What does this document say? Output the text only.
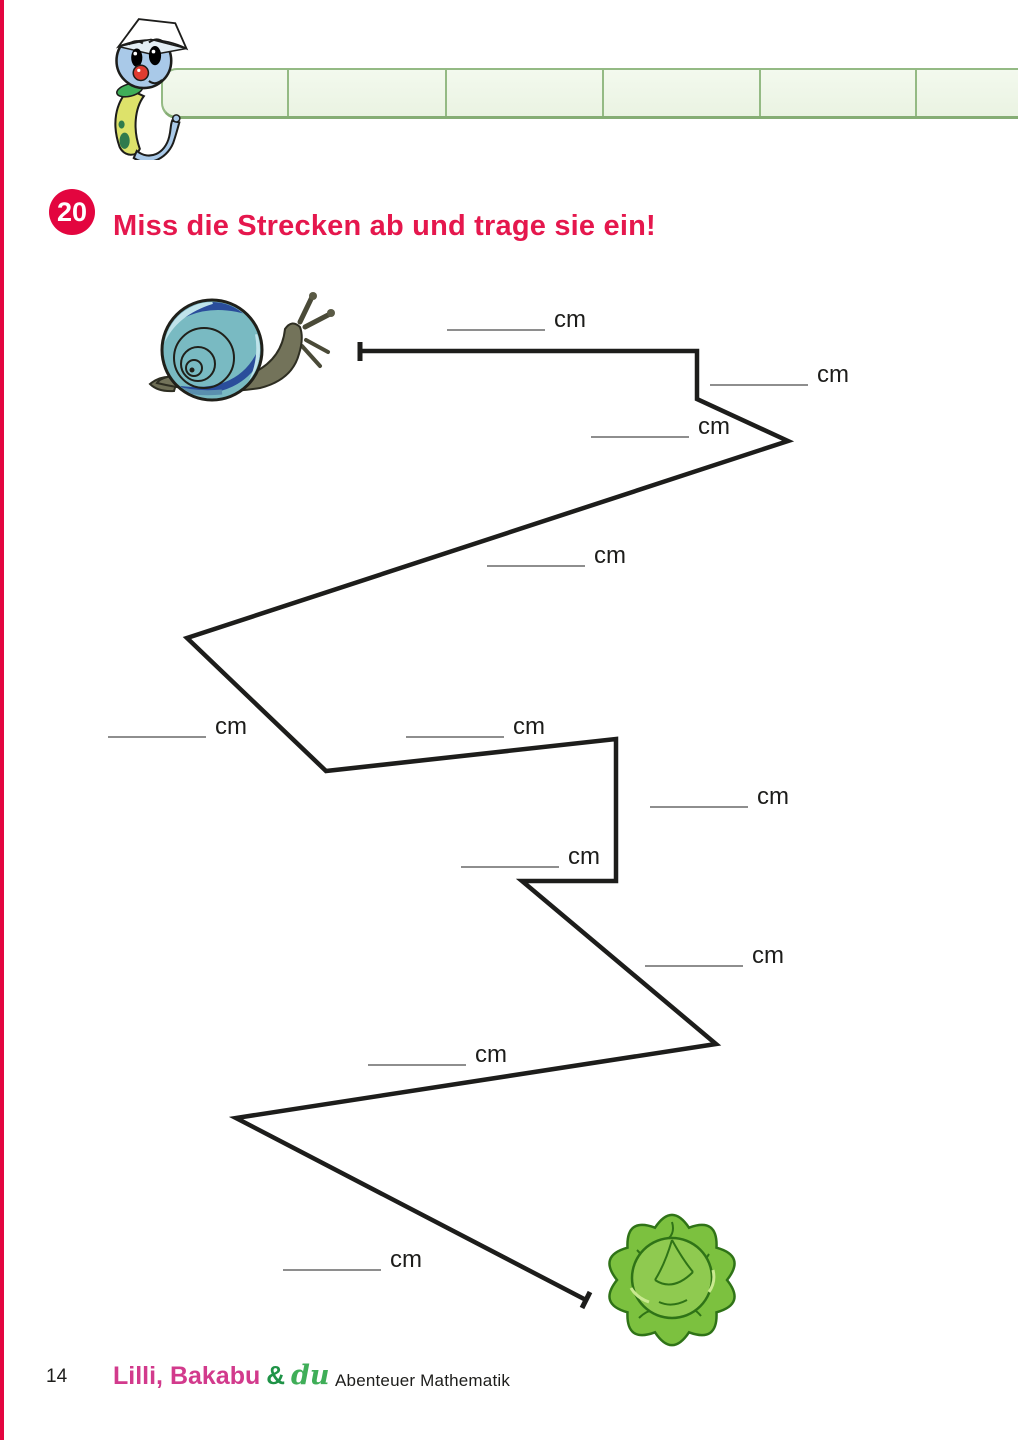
20 Miss die Strecken ab und trage sie ein!
cm
cm
cm
cm
cm	cm
cm
cm
cm
cm
cm
14 Lilli, Bakabu & du Abenteuer Mathematik
